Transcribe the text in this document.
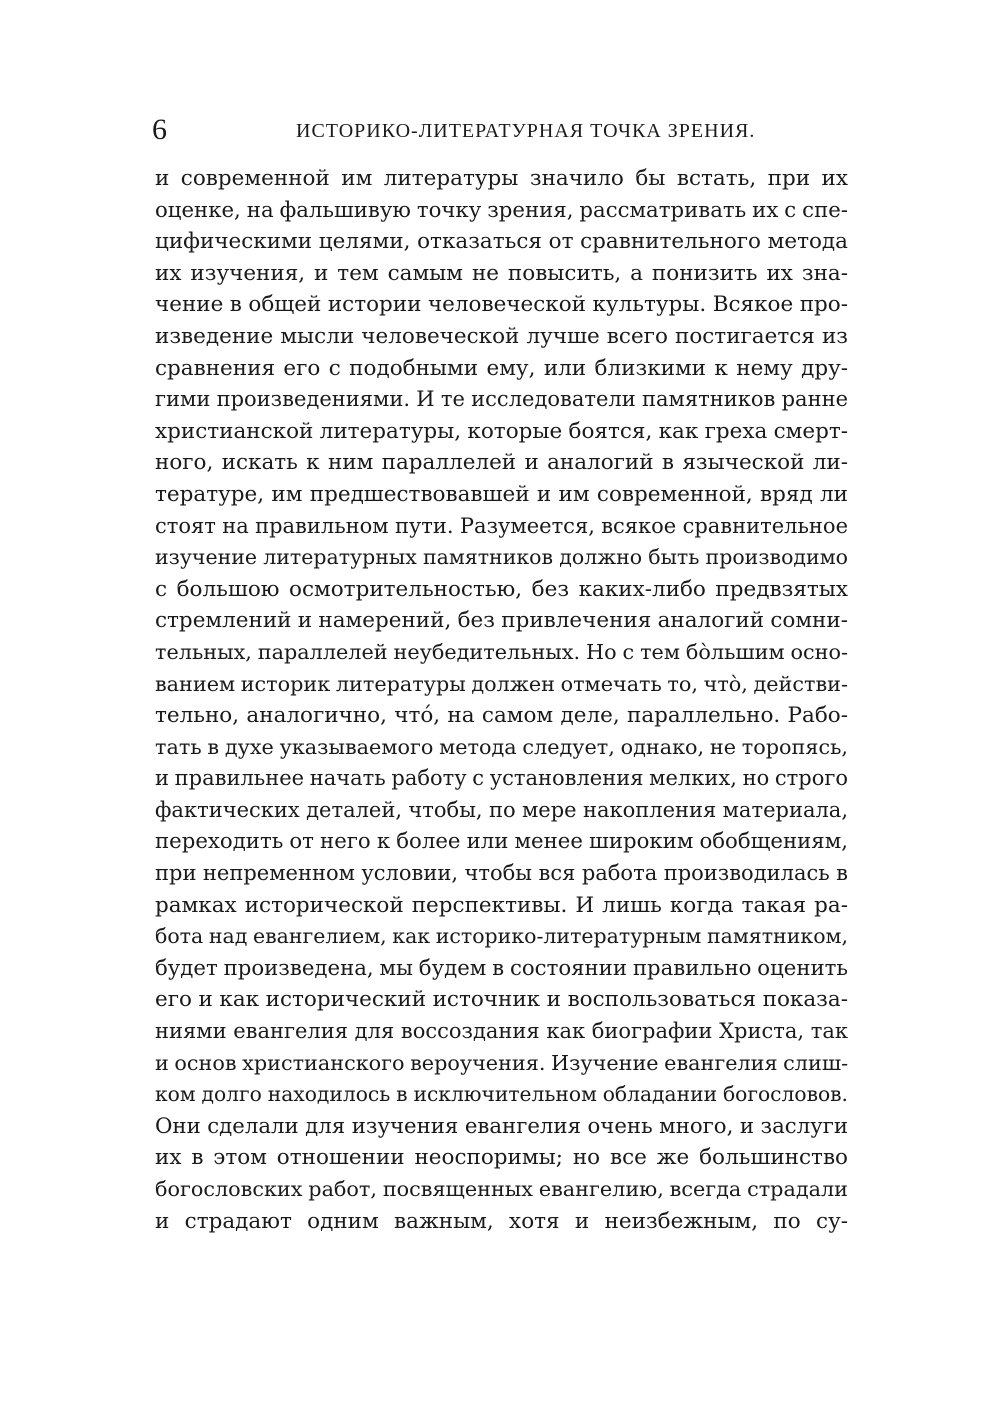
6	ИСТОРИКО-ЛИТЕРАТУРНАЯ ТОЧКА ЗРЕНИЯ.
и современной им литературы значило бы встать, при их
оценке, на фальшивую точку зрения, рассматривать их с спе-
цифическими целями, отказаться от сравнительного метода
их изучения, и тем самым не повысить, а понизить их зна-
чение в общей истории человеческой культуры. Всякое про-
изведение мысли человеческой лучше всего постигается из
сравнения его с подобными ему, или близкими к нему дру-
гими произведениями. И те исследователи памятников ранне
христианской литературы, которые боятся, как греха смерт-
ного, искать к ним параллелей и аналогий в языческой ли-
тературе, им предшествовавшей и им современной, вряд ли
стоят на правильном пути. Разумеется, всякое сравнительное
изучение литературных памятников должно быть производимо
с большою осмотрительностью, без каких-либо предвзятых
стремлений и намерений, без привлечения аналогий сомни-
тельных, параллелей неубедительных. Но с тем бо̀льшим осно-
ванием историк литературы должен отмечать то, что̀, действи-
тельно, аналогично, что́, на самом деле, параллельно. Рабо-
тать в духе указываемого метода следует, однако, не торопясь,
и правильнее начать работу с установления мелких, но строго
фактических деталей, чтобы, по мере накопления материала,
переходить от него к более или менее широким обобщениям,
при непременном условии, чтобы вся работа производилась в
рамках исторической перспективы. И лишь когда такая ра-
бота над евангелием, как историко-литературным памятником,
будет произведена, мы будем в состоянии правильно оценить
его и как исторический источник и воспользоваться показа-
ниями евангелия для воссоздания как биографии Христа, так
и основ христианского вероучения. Изучение евангелия слиш-
ком долго находилось в исключительном обладании богословов.
Они сделали для изучения евангелия очень много, и заслуги
их в этом отношении неоспоримы; но все же большинство
богословских работ, посвященных евангелию, всегда страдали
и страдают одним важным, хотя и неизбежным, по су-
